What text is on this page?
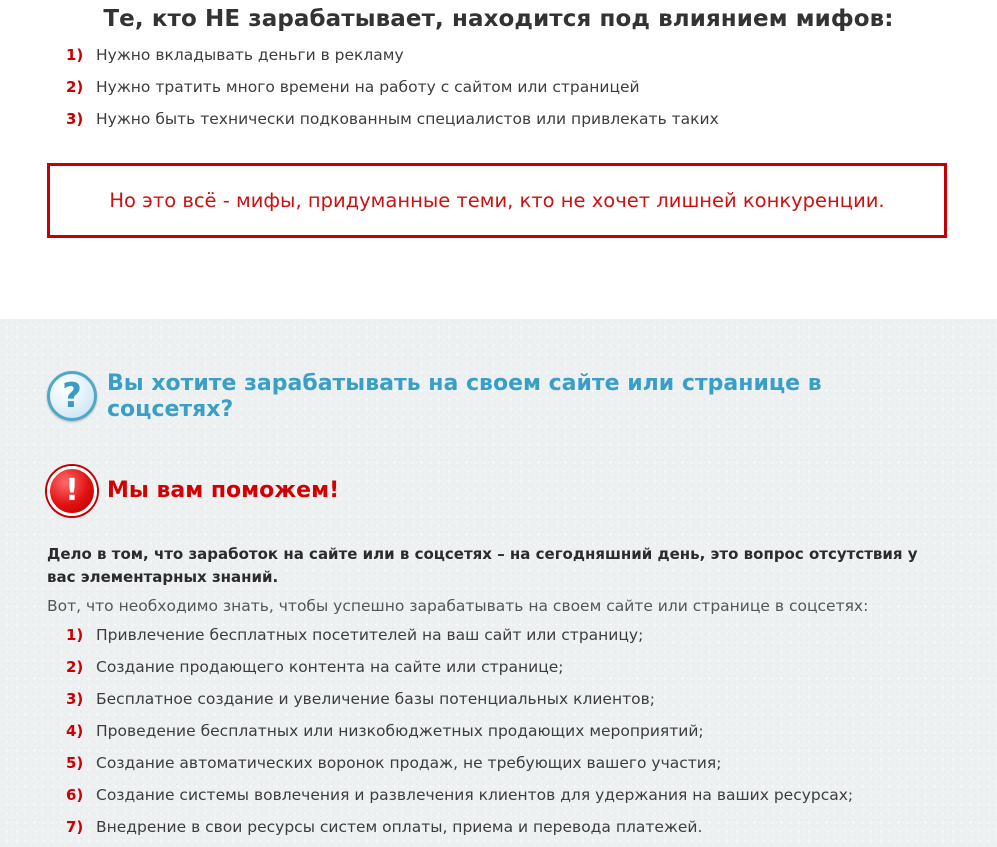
Те, кто НЕ зарабатывает, находится под влиянием мифов:
1) Нужно вкладывать деньги в рекламу
2) Нужно тратить много времени на работу с сайтом или страницей
3) Нужно быть технически подкованным специалистов или привлекать таких
Но это всё - мифы, придуманные теми, кто не хочет лишней конкуренции.
?	Вы хотите зарабатывать на своем сайте или странице в соцсетях?
!	Мы вам поможем!

Дело в том, что заработок на сайте или в соцсетях – на сегодняшний день, это вопрос отсутствия у вас элементарных знаний.

Вот, что необходимо знать, чтобы успешно зарабатывать на своем сайте или странице в соцсетях:

1) Привлечение бесплатных посетителей на ваш сайт или страницу;
2) Создание продающего контента на сайте или странице;
3) Бесплатное создание и увеличение базы потенциальных клиентов;
4) Проведение бесплатных или низкобюджетных продающих мероприятий;
5) Создание автоматических воронок продаж, не требующих вашего участия;
6) Создание системы вовлечения и развлечения клиентов для удержания на ваших ресурсах;
7) Внедрение в свои ресурсы систем оплаты, приема и перевода платежей.
